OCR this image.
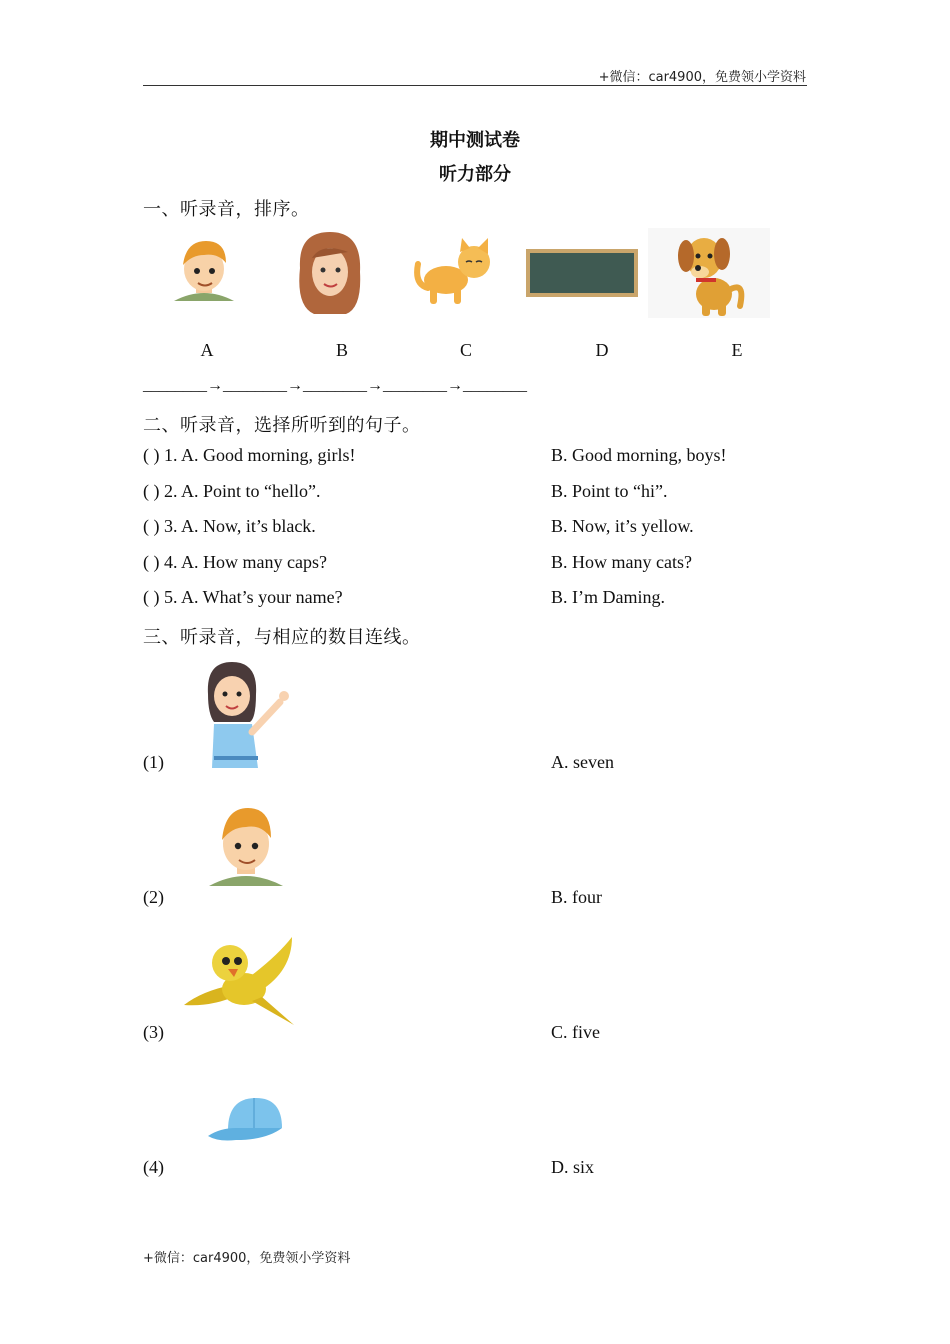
+微信：car4900，免费领小学资料
期中测试卷
听力部分
一、听录音，排序。
A	B	C	D	E
________→________→________→________→________
二、听录音，选择所听到的句子。
( ) 1. A. Good morning, girls!	B. Good morning, boys!
( ) 2. A. Point to “hello”.	B. Point to “hi”.
( ) 3. A. Now, it’s black.	B. Now, it’s yellow.
( ) 4. A. How many caps?	B. How many cats?
( ) 5. A. What’s your name?	B. I’m Daming.
三、听录音，与相应的数目连线。
(1)	A. seven
(2)	B. four
(3)	C. five
(4)	D. six
+微信：car4900，免费领小学资料
